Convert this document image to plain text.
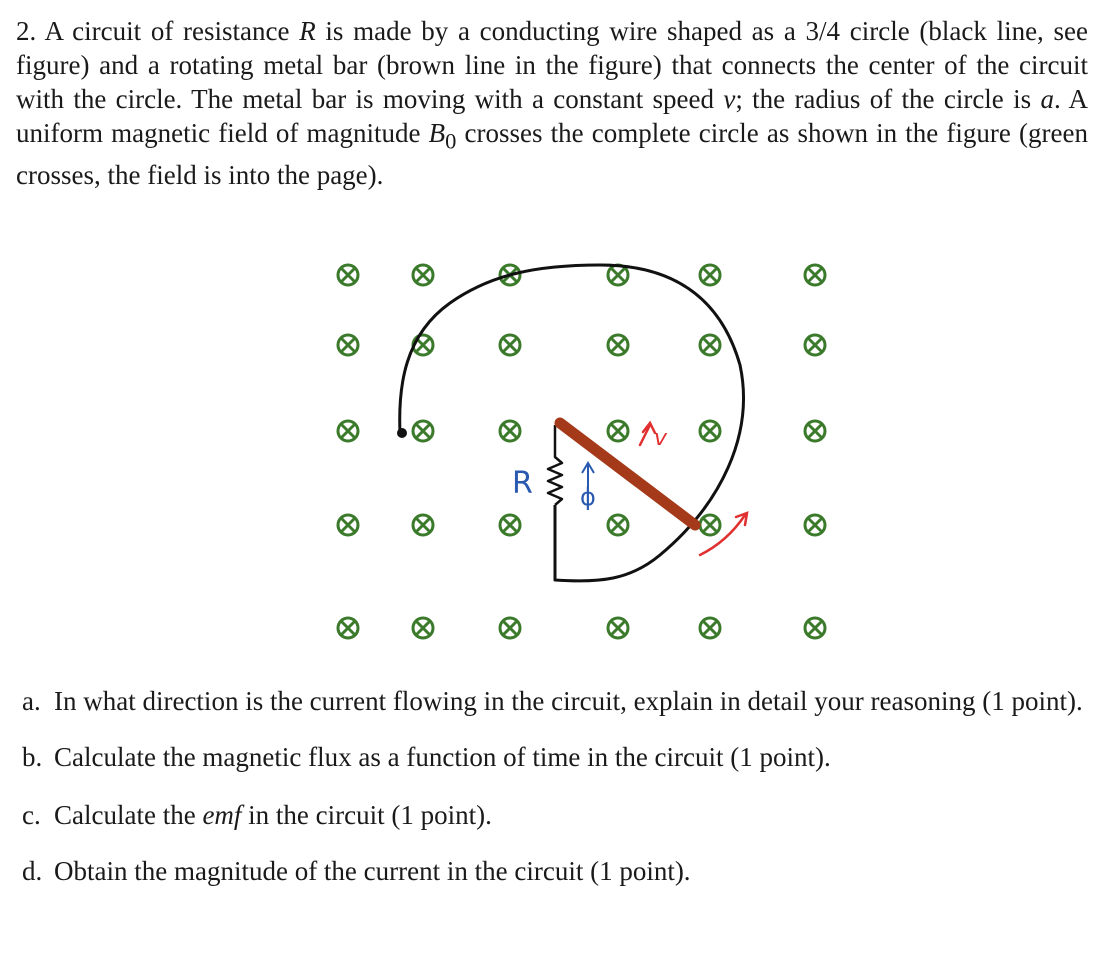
2. A circuit of resistance R is made by a conducting wire shaped as a 3/4 circle (black line, see figure) and a rotating metal bar (brown line in the figure) that connects the center of the circuit with the circle. The metal bar is moving with a constant speed v; the radius of the circle is a. A uniform magnetic field of magnitude $B_0$ crosses the complete circle as shown in the figure (green crosses, the field is into the page).

R ϕ
v
a. In what direction is the current flowing in the circuit, explain in detail your reasoning (1 point).
b. Calculate the magnetic flux as a function of time in the circuit (1 point).
c. Calculate the emf in the circuit (1 point).
d. Obtain the magnitude of the current in the circuit (1 point).
